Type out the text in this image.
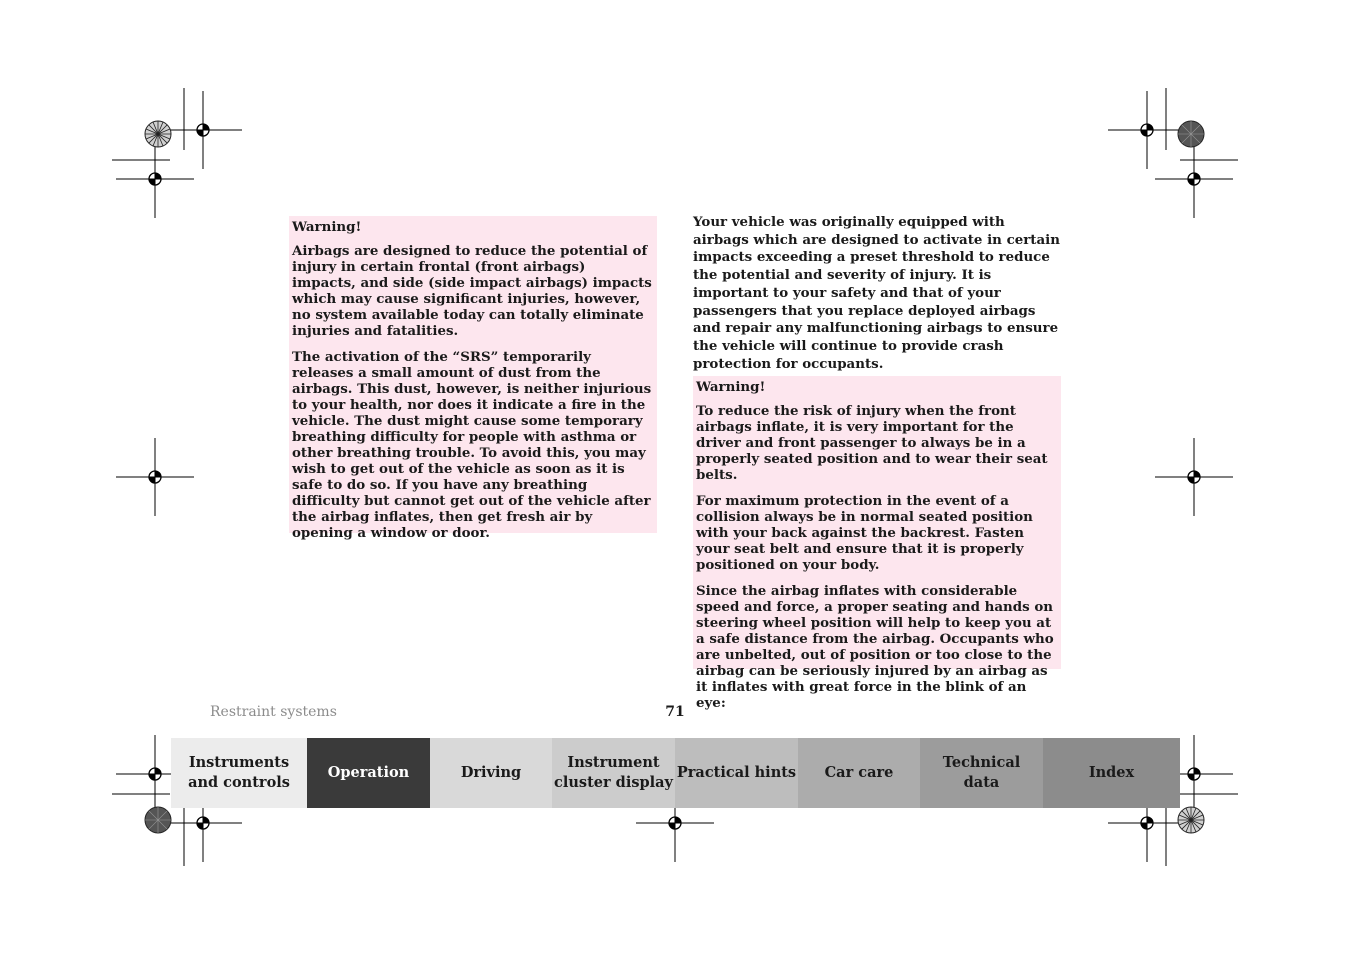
Warning!

Airbags are designed to reduce the potential of injury in certain frontal (front airbags) impacts, and side (side impact airbags) impacts which may cause significant injuries, however, no system available today can totally eliminate injuries and fatalities.

The activation of the “SRS” temporarily releases a small amount of dust from the airbags. This dust, however, is neither injurious to your health, nor does it indicate a fire in the vehicle. The dust might cause some temporary breathing difficulty for people with asthma or other breathing trouble. To avoid this, you may wish to get out of the vehicle as soon as it is safe to do so. If you have any breathing difficulty but cannot get out of the vehicle after the airbag inflates, then get fresh air by opening a window or door.

Your vehicle was originally equipped with airbags which are designed to activate in certain impacts exceeding a preset threshold to reduce the potential and severity of injury. It is important to your safety and that of your passengers that you replace deployed airbags and repair any malfunctioning airbags to ensure the vehicle will continue to provide crash protection for occupants.

Warning!

To reduce the risk of injury when the front airbags inflate, it is very important for the driver and front passenger to always be in a properly seated position and to wear their seat belts.

For maximum protection in the event of a collision always be in normal seated position with your back against the backrest. Fasten your seat belt and ensure that it is properly positioned on your body.

Since the airbag inflates with considerable speed and force, a proper seating and hands on steering wheel position will help to keep you at a safe distance from the airbag. Occupants who are unbelted, out of position or too close to the airbag can be seriously injured by an airbag as it inflates with great force in the blink of an eye:

Restraint systems	71
Instruments
and controls
Operation	Driving
Instrument
cluster display
Practical hints	Car care
Technical
data
Index
